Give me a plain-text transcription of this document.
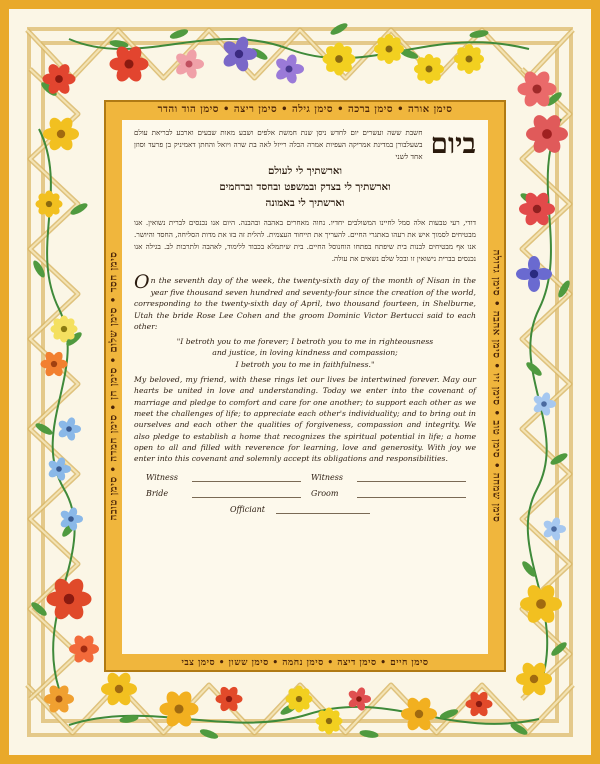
סימן אורה • סימן ברכה • סימן גילה • סימן ריצה • סימן הוד והדר
סימן חסד • סימן שלום • סימן חן • סימן חמדה • סימן טובה	סימן שמחה • סימן טוב • סימן זיו • סימן אהבה • סימן גדולה
סימן חיים • סימן דיצה • סימן נחמה • סימן ששון • סימן צבי
ביום
חשבת ששה ועשרים יום לחדש ניסן שנת חמשת אלפים ושבע מאות שבעים וארבע לבריאת עולם בשעלבורן במדינת אמריקה העפיות אמרה הכלה רייזל לאה בת שרה ויואל והחתן דאמיניק בן פרעד וסוזן אחד לשני
וארשתיך לי לעולם
וארשתיך לי בצדק ובמשפט ובחסד וברחמים
וארשתיך לי באמונה
דודי, רעי טבעות אלה סמל לחיינו המשולבים יחדיו. נחוה מאחרים באהבה ובהבנה. היום אנו נכנסים לברית נשואין. אנו מבטיחים לסמוך איש את רעהו באתגרי החיים. להעריך את תייחוד העצמית. להלית זה בזו את מדות הסליחה, החסד והיושר. אנו אף מבטיחים לבנות בית שיפתח בפתחו הוחנוסל החיים. בית שיתמלא בכבוד ללימוד, לאהבה ולתרבות לב. בגילה אנו נכנסים בברית נישואין זו ובכל שלם נשאים את עולה.
On the seventh day of the week, the twenty-sixth day of the month of Nisan in the year five thousand seven hundred and seventy-four since the creation of the world, corresponding to the twenty-sixth day of April, two thousand fourteen, in Shelburne, Utah the bride Rose Lee Cohen and the groom Dominic Victor Bertucci said to each other:
"I betroth you to me forever; I betroth you to me in righteousness
and justice, in loving kindness and compassion;
I betroth you to me in faithfulness."
My beloved, my friend, with these rings let our lives be intertwined forever. May our hearts be united in love and understanding. Today we enter into the covenant of marriage and pledge to comfort and care for one another; to support each other as we meet the challenges of life; to appreciate each other's individuality; and to bring out in ourselves and each other the qualities of forgiveness, compassion and integrity. We also pledge to establish a home that recognizes the spiritual potential in life; a home open to all and filled with reverence for learning, love and generosity. With joy we enter into this covenant and solemnly accept its obligations and responsibilities.
Witness	Witness
Bride	Groom
Officiant
